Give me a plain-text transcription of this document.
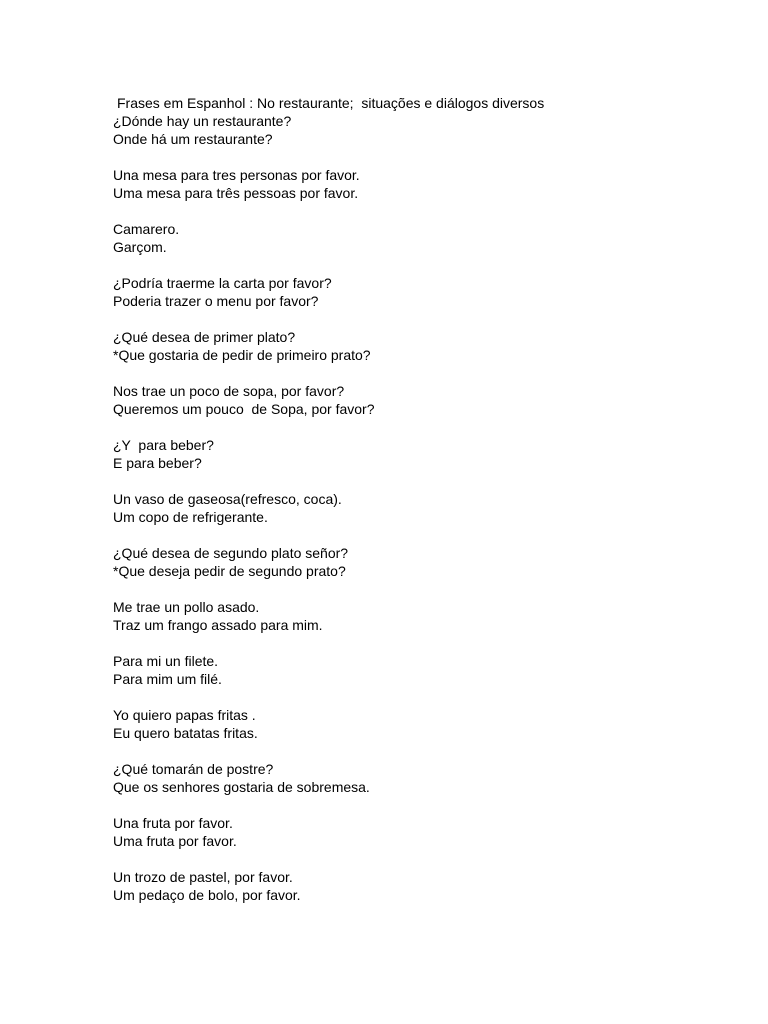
Frases em Espanhol : No restaurante;  situações e diálogos diversos
¿Dónde hay un restaurante?
Onde há um restaurante?
Una mesa para tres personas por favor.
Uma mesa para três pessoas por favor.
Camarero.
Garçom.
¿Podría traerme la carta por favor?
Poderia trazer o menu por favor?
¿Qué desea de primer plato?
*Que gostaria de pedir de primeiro prato?
Nos trae un poco de sopa, por favor?
Queremos um pouco  de Sopa, por favor?
¿Y  para beber?
E para beber?
Un vaso de gaseosa(refresco, coca).
Um copo de refrigerante.
¿Qué desea de segundo plato señor?
*Que deseja pedir de segundo prato?
Me trae un pollo asado.
Traz um frango assado para mim.
Para mi un filete.
Para mim um filé.
Yo quiero papas fritas .
Eu quero batatas fritas.
¿Qué tomarán de postre?
Que os senhores gostaria de sobremesa.
Una fruta por favor.
Uma fruta por favor.
Un trozo de pastel, por favor.
Um pedaço de bolo, por favor.
